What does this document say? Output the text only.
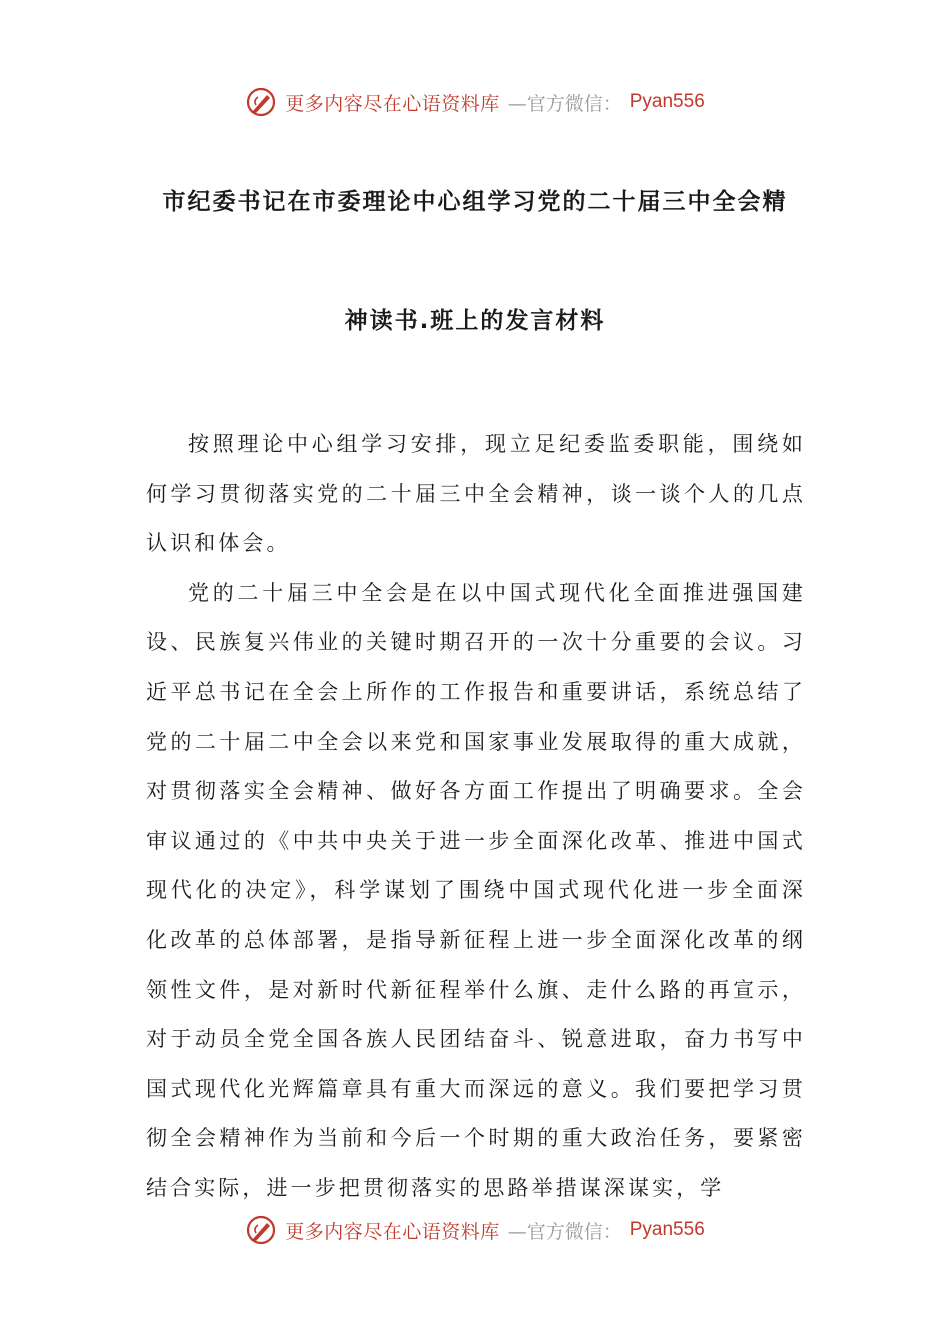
更多内容尽在心语资料库 —官方微信： Pyan556
市纪委书记在市委理论中心组学习党的二十届三中全会精
神读书.班上的发言材料

按照理论中心组学习安排，现立足纪委监委职能，围绕如何学习贯彻落实党的二十届三中全会精神，谈一谈个人的几点认识和体会。

党的二十届三中全会是在以中国式现代化全面推进强国建设、民族复兴伟业的关键时期召开的一次十分重要的会议。习近平总书记在全会上所作的工作报告和重要讲话，系统总结了党的二十届二中全会以来党和国家事业发展取得的重大成就，对贯彻落实全会精神、做好各方面工作提出了明确要求。全会审议通过的《中共中央关于进一步全面深化改革、推进中国式现代化的决定》，科学谋划了围绕中国式现代化进一步全面深化改革的总体部署，是指导新征程上进一步全面深化改革的纲领性文件，是对新时代新征程举什么旗、走什么路的再宣示，对于动员全党全国各族人民团结奋斗、锐意进取，奋力书写中国式现代化光辉篇章具有重大而深远的意义。我们要把学习贯彻全会精神作为当前和今后一个时期的重大政治任务，要紧密结合实际，进一步把贯彻落实的思路举措谋深谋实，学

更多内容尽在心语资料库 —官方微信： Pyan556
